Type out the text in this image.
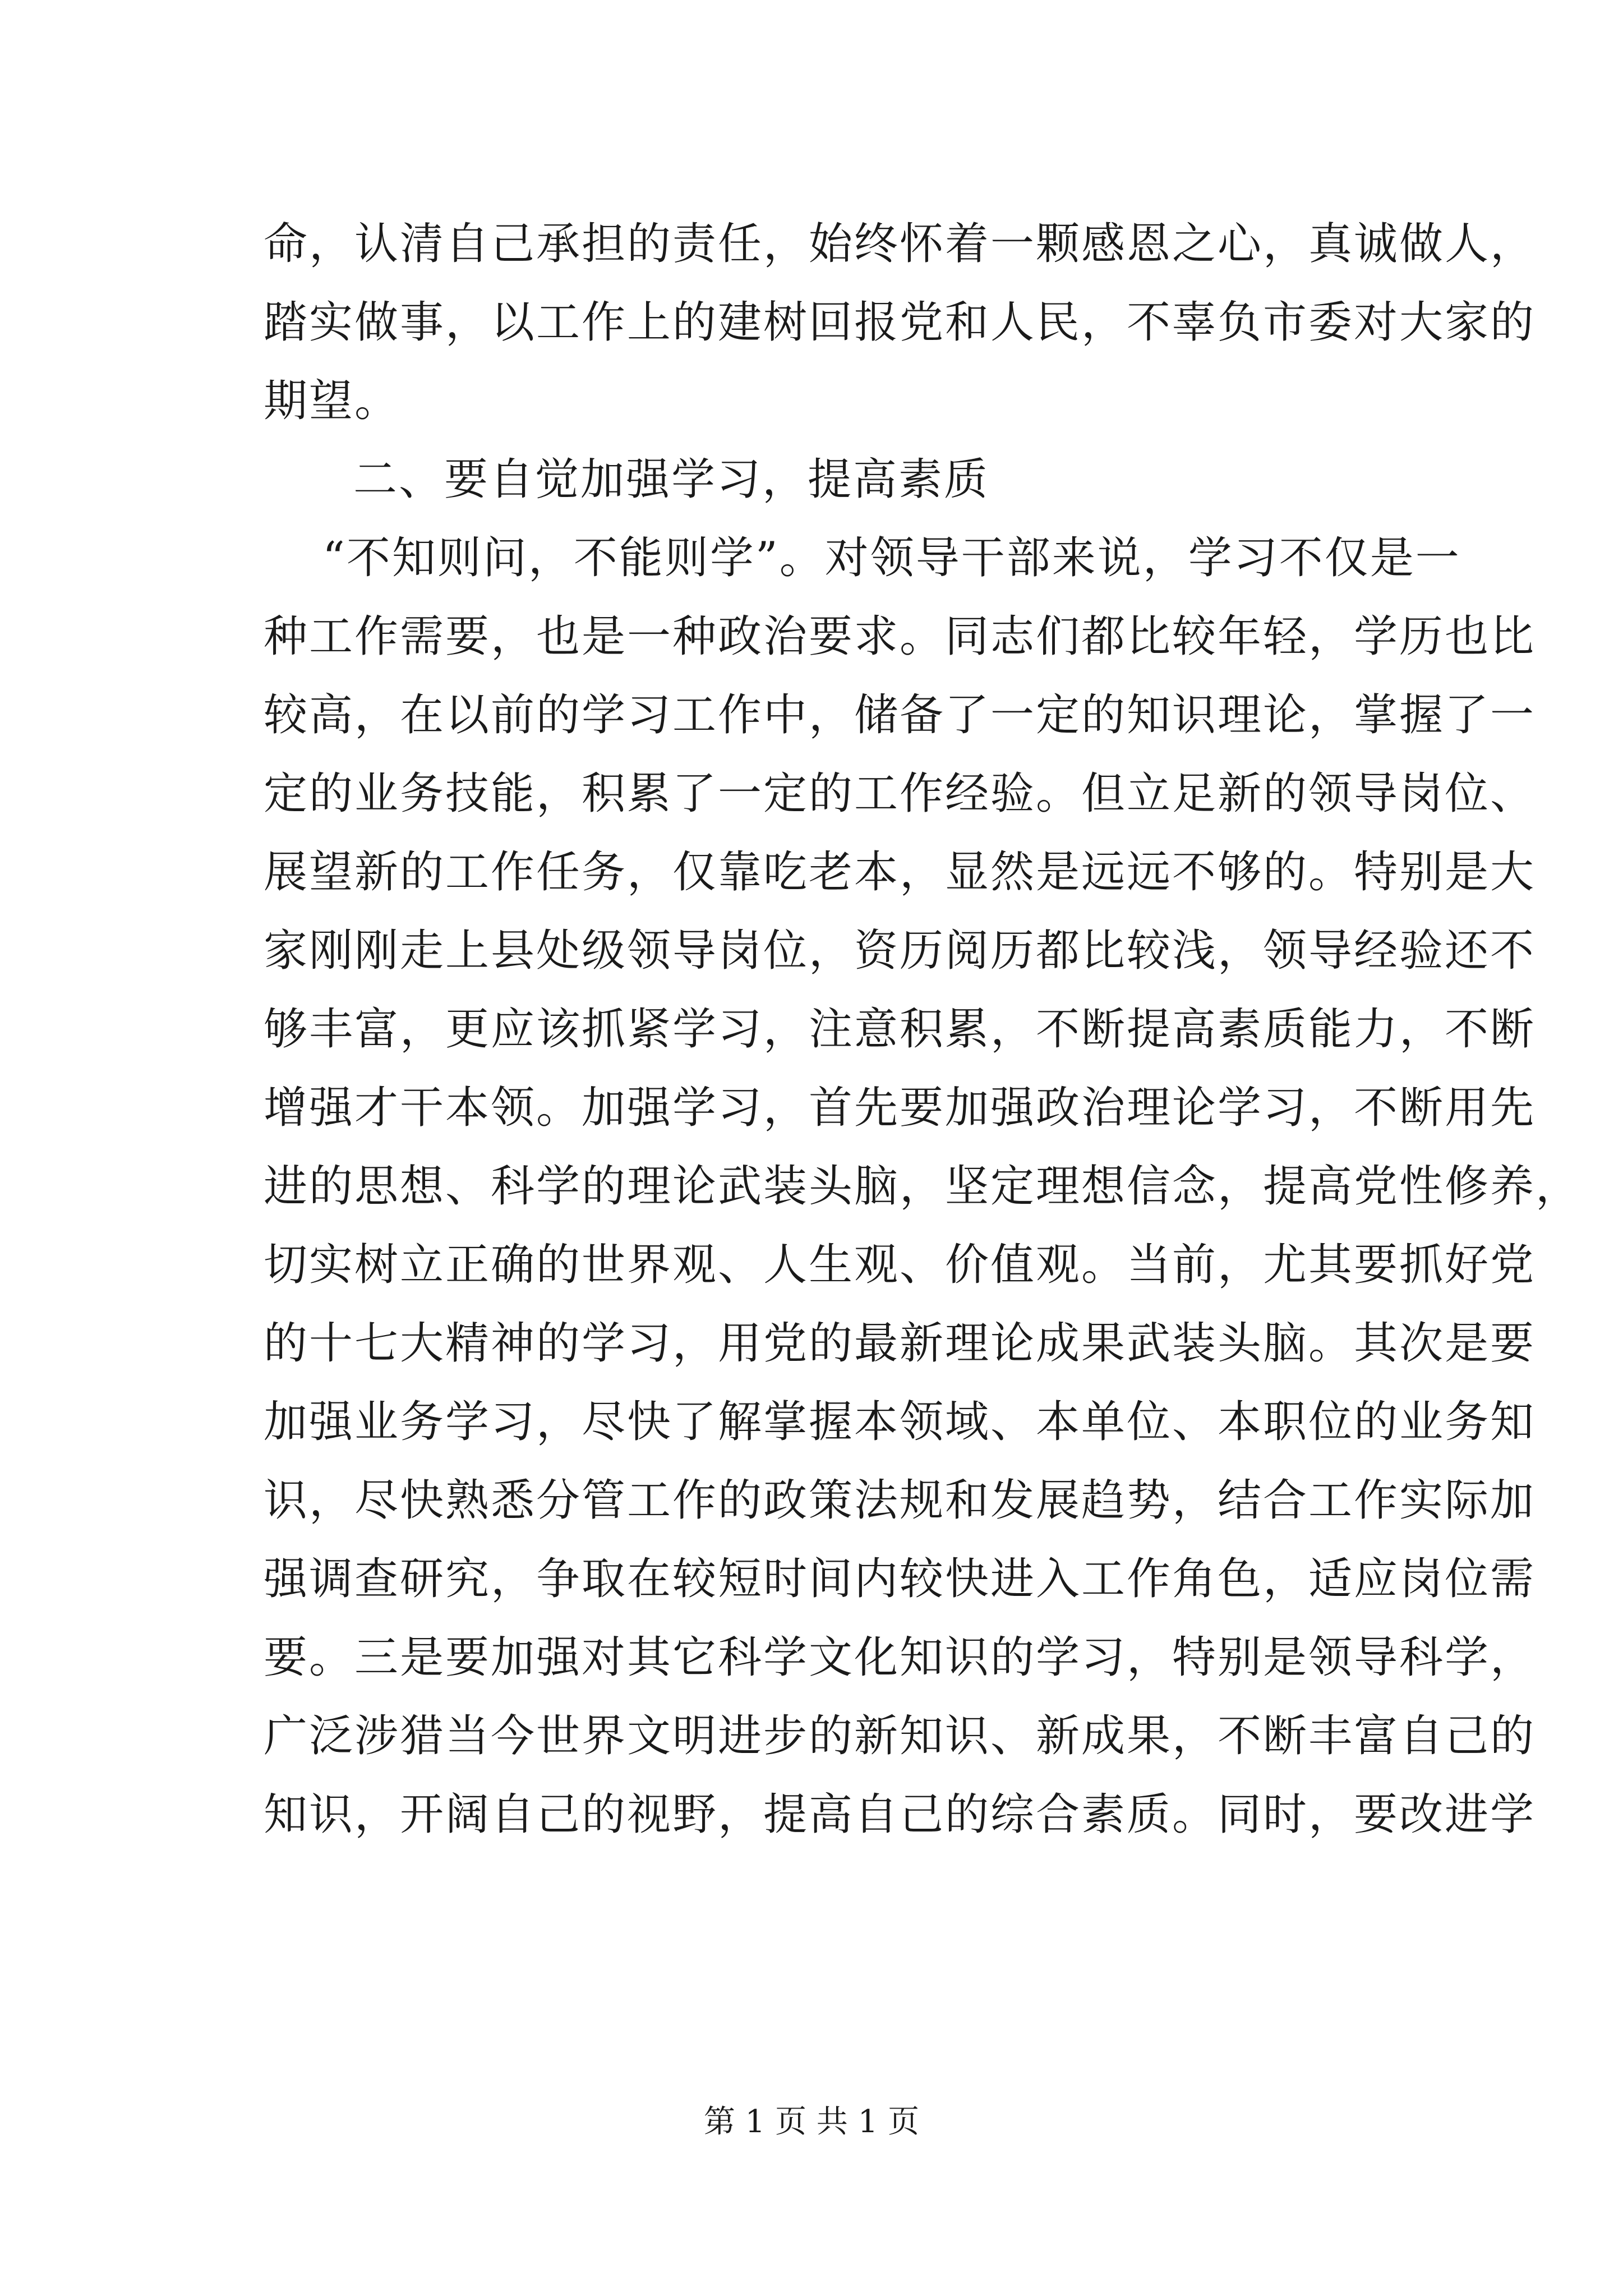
命，认清自己承担的责任，始终怀着一颗感恩之心，真诚做人，
踏实做事，以工作上的建树回报党和人民，不辜负市委对大家的
期望。
二、要自觉加强学习，提高素质
“不知则问，不能则学”。对领导干部来说，学习不仅是一
种工作需要，也是一种政治要求。同志们都比较年轻，学历也比
较高，在以前的学习工作中，储备了一定的知识理论，掌握了一
定的业务技能，积累了一定的工作经验。但立足新的领导岗位、
展望新的工作任务，仅靠吃老本，显然是远远不够的。特别是大
家刚刚走上县处级领导岗位，资历阅历都比较浅，领导经验还不
够丰富，更应该抓紧学习，注意积累，不断提高素质能力，不断
增强才干本领。加强学习，首先要加强政治理论学习，不断用先
进的思想、科学的理论武装头脑，坚定理想信念，提高党性修养，
切实树立正确的世界观、人生观、价值观。当前，尤其要抓好党
的十七大精神的学习，用党的最新理论成果武装头脑。其次是要
加强业务学习，尽快了解掌握本领域、本单位、本职位的业务知
识，尽快熟悉分管工作的政策法规和发展趋势，结合工作实际加
强调查研究，争取在较短时间内较快进入工作角色，适应岗位需
要。三是要加强对其它科学文化知识的学习，特别是领导科学，
广泛涉猎当今世界文明进步的新知识、新成果，不断丰富自己的
知识，开阔自己的视野，提高自己的综合素质。同时，要改进学
第 1 页 共 1 页
